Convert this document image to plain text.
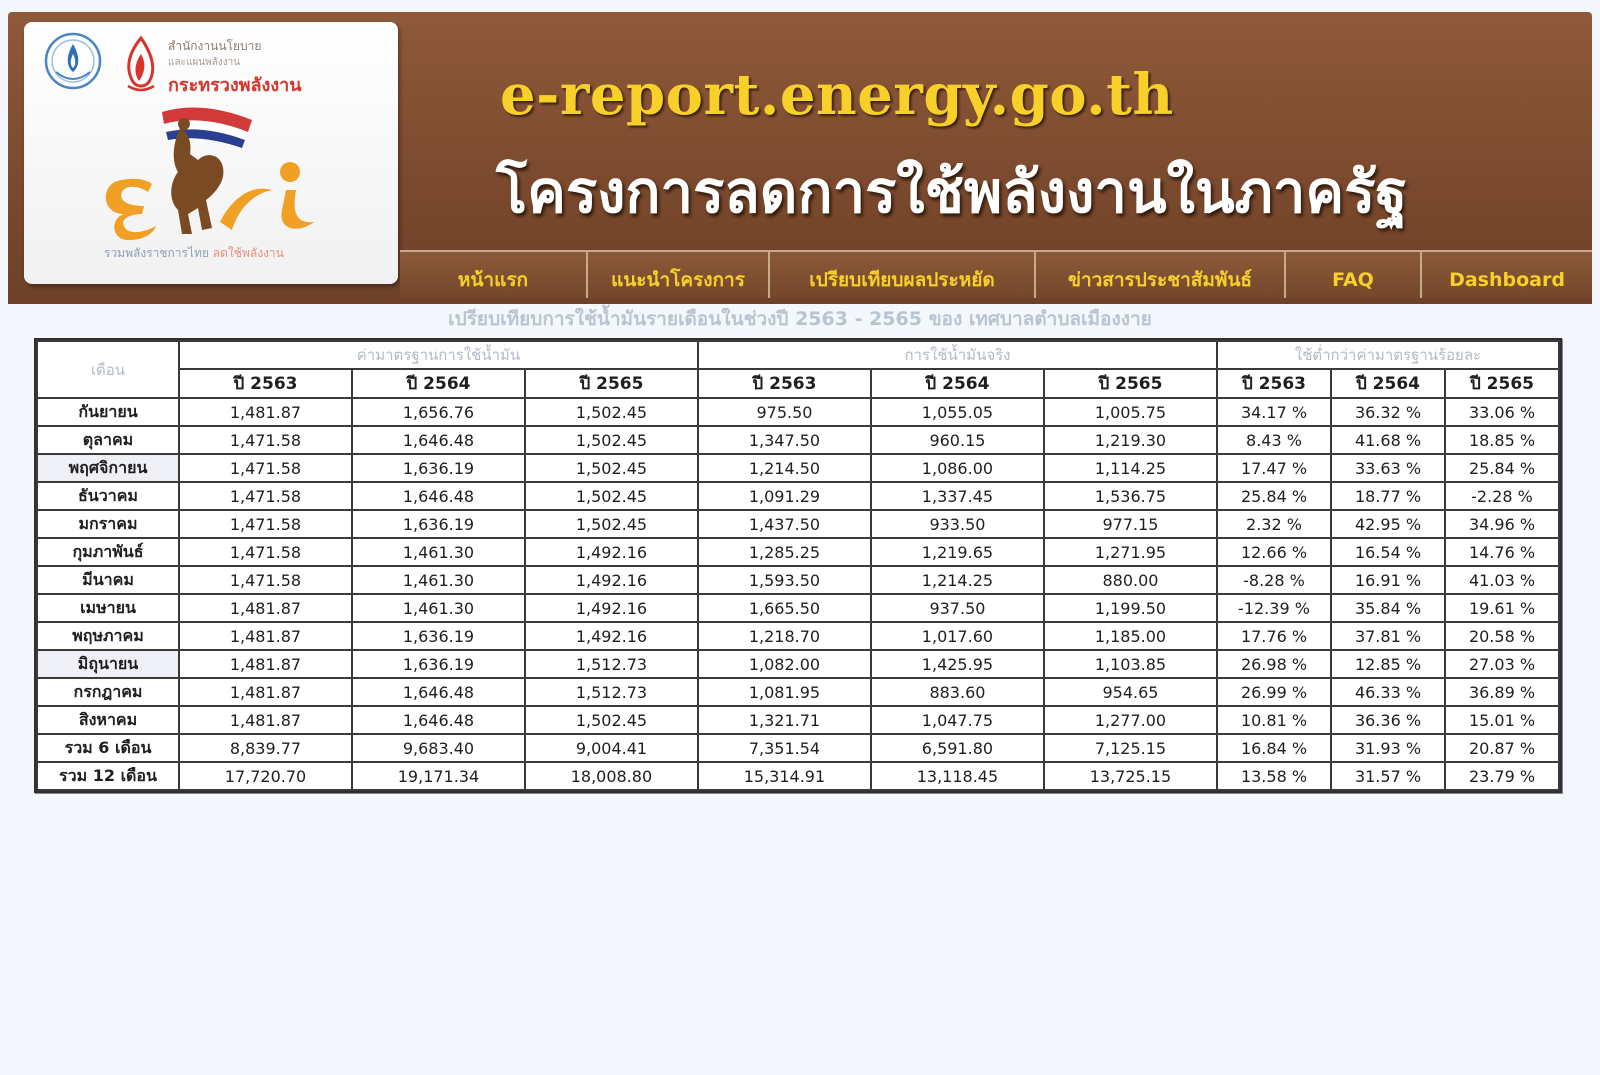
สำนักงานนโยบาย
และแผนพลังงาน
กระทรวงพลังงาน
รวมพลังราชการไทย ลดใช้พลังงาน
e-report.energy.go.th
โครงการลดการใช้พลังงานในภาครัฐ
หน้าแรก	แนะนำโครงการ	เปรียบเทียบผลประหยัด	ข่าวสารประชาสัมพันธ์	FAQ	Dashboard
เปรียบเทียบการใช้น้ำมันรายเดือนในช่วงปี 2563 - 2565 ของ เทศบาลตำบลเมืองงาย
เดือน	ค่ามาตรฐานการใช้น้ำมัน			การใช้น้ำมันจริง			ใช้ต่ำกว่าค่ามาตรฐานร้อยละ		
	ปี 2563	ปี 2564	ปี 2565	ปี 2563	ปี 2564	ปี 2565	ปี 2563	ปี 2564	ปี 2565
กันยายน	1,481.87	1,656.76	1,502.45	975.50	1,055.05	1,005.75	34.17 %	36.32 %	33.06 %
ตุลาคม	1,471.58	1,646.48	1,502.45	1,347.50	960.15	1,219.30	8.43 %	41.68 %	18.85 %
พฤศจิกายน	1,471.58	1,636.19	1,502.45	1,214.50	1,086.00	1,114.25	17.47 %	33.63 %	25.84 %
ธันวาคม	1,471.58	1,646.48	1,502.45	1,091.29	1,337.45	1,536.75	25.84 %	18.77 %	-2.28 %
มกราคม	1,471.58	1,636.19	1,502.45	1,437.50	933.50	977.15	2.32 %	42.95 %	34.96 %
กุมภาพันธ์	1,471.58	1,461.30	1,492.16	1,285.25	1,219.65	1,271.95	12.66 %	16.54 %	14.76 %
มีนาคม	1,471.58	1,461.30	1,492.16	1,593.50	1,214.25	880.00	-8.28 %	16.91 %	41.03 %
เมษายน	1,481.87	1,461.30	1,492.16	1,665.50	937.50	1,199.50	-12.39 %	35.84 %	19.61 %
พฤษภาคม	1,481.87	1,636.19	1,492.16	1,218.70	1,017.60	1,185.00	17.76 %	37.81 %	20.58 %
มิถุนายน	1,481.87	1,636.19	1,512.73	1,082.00	1,425.95	1,103.85	26.98 %	12.85 %	27.03 %
กรกฎาคม	1,481.87	1,646.48	1,512.73	1,081.95	883.60	954.65	26.99 %	46.33 %	36.89 %
สิงหาคม	1,481.87	1,646.48	1,502.45	1,321.71	1,047.75	1,277.00	10.81 %	36.36 %	15.01 %
รวม 6 เดือน	8,839.77	9,683.40	9,004.41	7,351.54	6,591.80	7,125.15	16.84 %	31.93 %	20.87 %
รวม 12 เดือน	17,720.70	19,171.34	18,008.80	15,314.91	13,118.45	13,725.15	13.58 %	31.57 %	23.79 %
